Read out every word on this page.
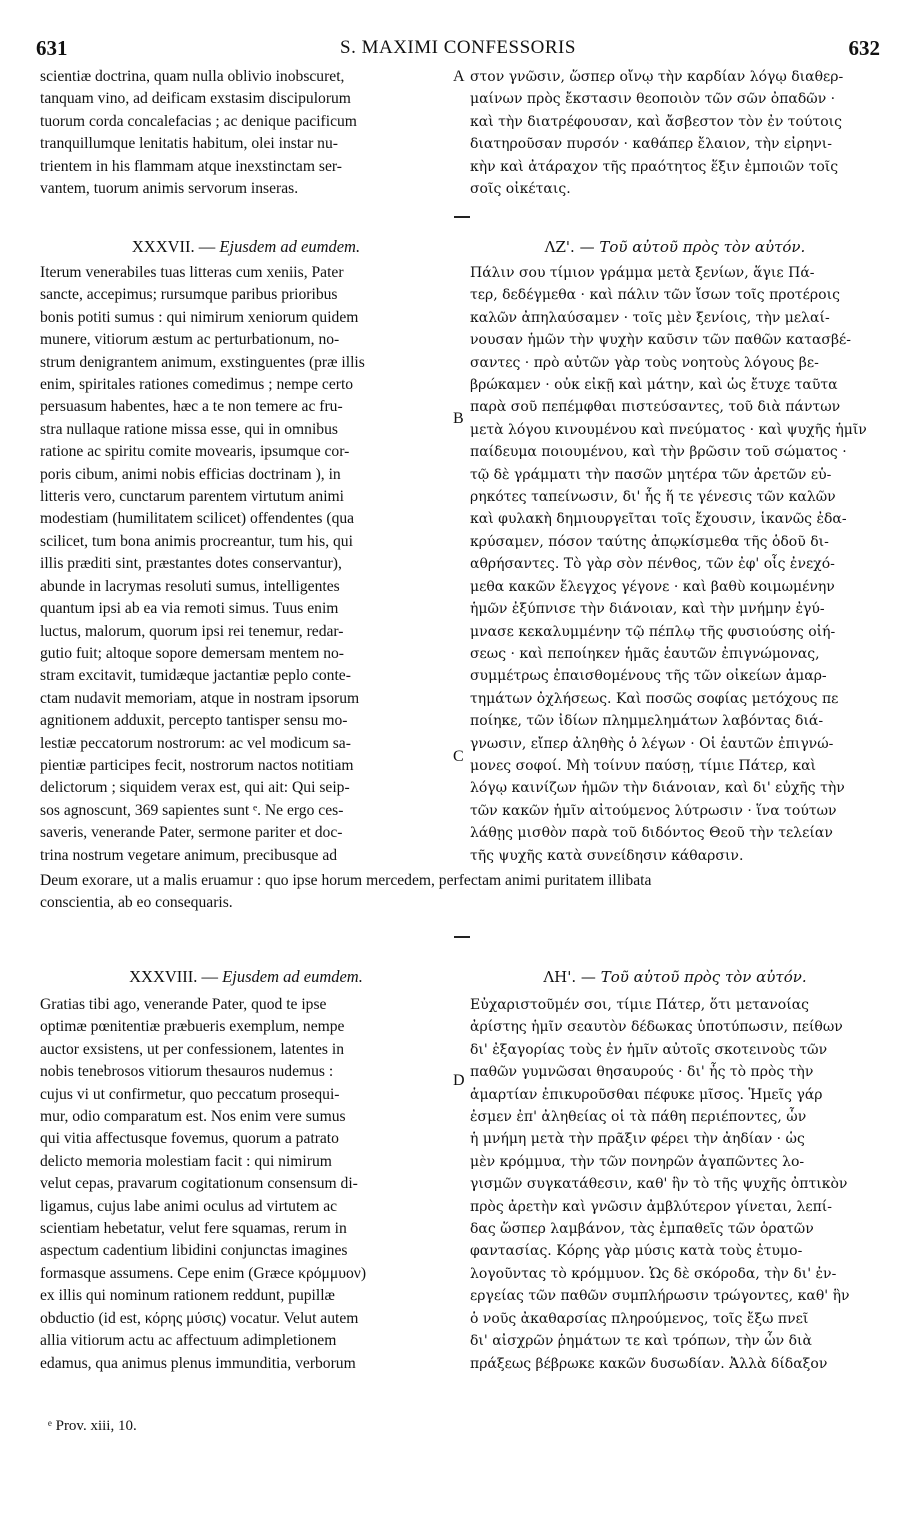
631	S. MAXIMI CONFESSORIS	632
scientiæ doctrina, quam nulla oblivio inobscuret,
tanquam vino, ad deificam exstasim discipulorum
tuorum corda concalefacias ; ac denique pacificum
tranquillumque lenitatis habitum, olei instar nu-
trientem in his flammam atque inexstinctam ser-
vantem, tuorum animis servorum inseras.
στον γνῶσιν, ὥσπερ οἴνῳ τὴν καρδίαν λόγῳ διαθερ-
μαίνων πρὸς ἔκστασιν θεοποιὸν τῶν σῶν ὀπαδῶν ·
καὶ τὴν διατρέφουσαν, καὶ ἄσβεστον τὸν ἐν τούτοις
διατηροῦσαν πυρσόν · καθάπερ ἔλαιον, τὴν εἰρηνι-
κὴν καὶ ἀτάραχον τῆς πραότητος ἕξιν ἐμποιῶν τοῖς
σοῖς οἰκέταις.
A
XXXVII. — Ejusdem ad eumdem.	ΛΖ'. — Τοῦ αὐτοῦ πρὸς τὸν αὐτόν.
Iterum venerabiles tuas litteras cum xeniis, Pater
sancte, accepimus; rursumque paribus prioribus
bonis potiti sumus : qui nimirum xeniorum quidem
munere, vitiorum æstum ac perturbationum, no-
strum denigrantem animum, exstinguentes (præ illis
enim, spiritales rationes comedimus ; nempe certo
persuasum habentes, hæc a te non temere ac fru-
stra nullaque ratione missa esse, qui in omnibus
ratione ac spiritu comite movearis, ipsumque cor-
poris cibum, animi nobis efficias doctrinam ), in
litteris vero, cunctarum parentem virtutum animi
modestiam (humilitatem scilicet) offendentes (qua
scilicet, tum bona animis procreantur, tum his, qui
illis præditi sint, præstantes dotes conservantur),
abunde in lacrymas resoluti sumus, intelligentes
quantum ipsi ab ea via remoti simus. Tuus enim
luctus, malorum, quorum ipsi rei tenemur, redar-
gutio fuit; altoque sopore demersam mentem no-
stram excitavit, tumidæque jactantiæ peplo conte-
ctam nudavit memoriam, atque in nostram ipsorum
agnitionem adduxit, percepto tantisper sensu mo-
lestiæ peccatorum nostrorum: ac vel modicum sa-
pientiæ participes fecit, nostrorum nactos notitiam
delictorum ; siquidem verax est, qui ait: Qui seip-
sos agnoscunt, 369 sapientes sunt ᵉ. Ne ergo ces-
saveris, venerande Pater, sermone pariter et doc-
trina nostrum vegetare animum, precibusque ad
Πάλιν σου τίμιον γράμμα μετὰ ξενίων, ἅγιε Πά-
τερ, δεδέγμεθα · καὶ πάλιν τῶν ἴσων τοῖς προτέροις
καλῶν ἀπηλαύσαμεν · τοῖς μὲν ξενίοις, τὴν μελαί-
νουσαν ἡμῶν τὴν ψυχὴν καῦσιν τῶν παθῶν κατασβέ-
σαντες · πρὸ αὐτῶν γὰρ τοὺς νοητοὺς λόγους βε-
βρώκαμεν · οὐκ εἰκῇ καὶ μάτην, καὶ ὡς ἔτυχε ταῦτα
παρὰ σοῦ πεπέμφθαι πιστεύσαντες, τοῦ διὰ πάντων
μετὰ λόγου κινουμένου καὶ πνεύματος · καὶ ψυχῆς ἡμῖν
παίδευμα ποιουμένου, καὶ τὴν βρῶσιν τοῦ σώματος ·
τῷ δὲ γράμματι τὴν πασῶν μητέρα τῶν ἀρετῶν εὑ-
ρηκότες ταπείνωσιν, δι' ἧς ἥ τε γένεσις τῶν καλῶν
καὶ φυλακὴ δημιουργεῖται τοῖς ἔχουσιν, ἱκανῶς ἐδα-
κρύσαμεν, πόσον ταύτης ἀπῳκίσμεθα τῆς ὁδοῦ δι-
αθρήσαντες. Τὸ γὰρ σὸν πένθος, τῶν ἐφ' οἷς ἐνεχό-
μεθα κακῶν ἔλεγχος γέγονε · καὶ βαθὺ κοιμωμένην
ἡμῶν ἐξύπνισε τὴν διάνοιαν, καὶ τὴν μνήμην ἐγύ-
μνασε κεκαλυμμένην τῷ πέπλῳ τῆς φυσιούσης οἰή-
σεως · καὶ πεποίηκεν ἡμᾶς ἑαυτῶν ἐπιγνώμονας,
συμμέτρως ἐπαισθομένους τῆς τῶν οἰκείων ἁμαρ-
τημάτων ὀχλήσεως. Καὶ ποσῶς σοφίας μετόχους πε
ποίηκε, τῶν ἰδίων πλημμελημάτων λαβόντας διά-
γνωσιν, εἴπερ ἀληθὴς ὁ λέγων · Οἱ ἑαυτῶν ἐπιγνώ-
μονες σοφοί. Μὴ τοίνυν παύσῃ, τίμιε Πάτερ, καὶ
λόγῳ καινίζων ἡμῶν τὴν διάνοιαν, καὶ δι' εὐχῆς τὴν
τῶν κακῶν ἡμῖν αἰτούμενος λύτρωσιν · ἵνα τούτων
λάθῃς μισθὸν παρὰ τοῦ διδόντος Θεοῦ τὴν τελείαν
τῆς ψυχῆς κατὰ συνείδησιν κάθαρσιν.
B
C
Deum exorare, ut a malis eruamur : quo ipse horum mercedem, perfectam animi puritatem illibata
conscientia, ab eo consequaris.
XXXVIII. — Ejusdem ad eumdem.	ΛΗ'. — Τοῦ αὐτοῦ πρὸς τὸν αὐτόν.
Gratias tibi ago, venerande Pater, quod te ipse
optimæ pœnitentiæ præbueris exemplum, nempe
auctor exsistens, ut per confessionem, latentes in
nobis tenebrosos vitiorum thesauros nudemus :
cujus vi ut confirmetur, quo peccatum prosequi-
mur, odio comparatum est. Nos enim vere sumus
qui vitia affectusque fovemus, quorum a patrato
delicto memoria molestiam facit : qui nimirum
velut cepas, pravarum cogitationum consensum di-
ligamus, cujus labe animi oculus ad virtutem ac
scientiam hebetatur, velut fere squamas, rerum in
aspectum cadentium libidini conjunctas imagines
formasque assumens. Cepe enim (Græce κρόμμυον)
ex illis qui nominum rationem reddunt, pupillæ
obductio (id est, κόρης μύσις) vocatur. Velut autem
allia vitiorum actu ac affectuum adimpletionem
edamus, qua animus plenus immunditia, verborum
Εὐχαριστοῦμέν σοι, τίμιε Πάτερ, ὅτι μετανοίας
ἀρίστης ἡμῖν σεαυτὸν δέδωκας ὑποτύπωσιν, πείθων
δι' ἐξαγορίας τοὺς ἐν ἡμῖν αὐτοῖς σκοτεινοὺς τῶν
παθῶν γυμνῶσαι θησαυρούς · δι' ἧς τὸ πρὸς τὴν
ἁμαρτίαν ἐπικυροῦσθαι πέφυκε μῖσος. Ἡμεῖς γάρ
ἐσμεν ἐπ' ἀληθείας οἱ τὰ πάθη περιέποντες, ὧν
ἡ μνήμη μετὰ τὴν πρᾶξιν φέρει τὴν ἀηδίαν · ὡς
μὲν κρόμμυα, τὴν τῶν πονηρῶν ἀγαπῶντες λο-
γισμῶν συγκατάθεσιν, καθ' ἣν τὸ τῆς ψυχῆς ὀπτικὸν
πρὸς ἀρετὴν καὶ γνῶσιν ἀμβλύτερον γίνεται, λεπί-
δας ὥσπερ λαμβάνον, τὰς ἐμπαθεῖς τῶν ὁρατῶν
φαντασίας. Κόρης γὰρ μύσις κατὰ τοὺς ἐτυμο-
λογοῦντας τὸ κρόμμυον. Ὡς δὲ σκόροδα, τὴν δι' ἐν-
εργείας τῶν παθῶν συμπλήρωσιν τρώγοντες, καθ' ἣν
ὁ νοῦς ἀκαθαρσίας πληρούμενος, τοῖς ἔξω πνεῖ
δι' αἰσχρῶν ῥημάτων τε καὶ τρόπων, τὴν ὧν διὰ
πράξεως βέβρωκε κακῶν δυσωδίαν. Ἀλλὰ δίδαξον
D
ᵉ Prov. xiii, 10.
